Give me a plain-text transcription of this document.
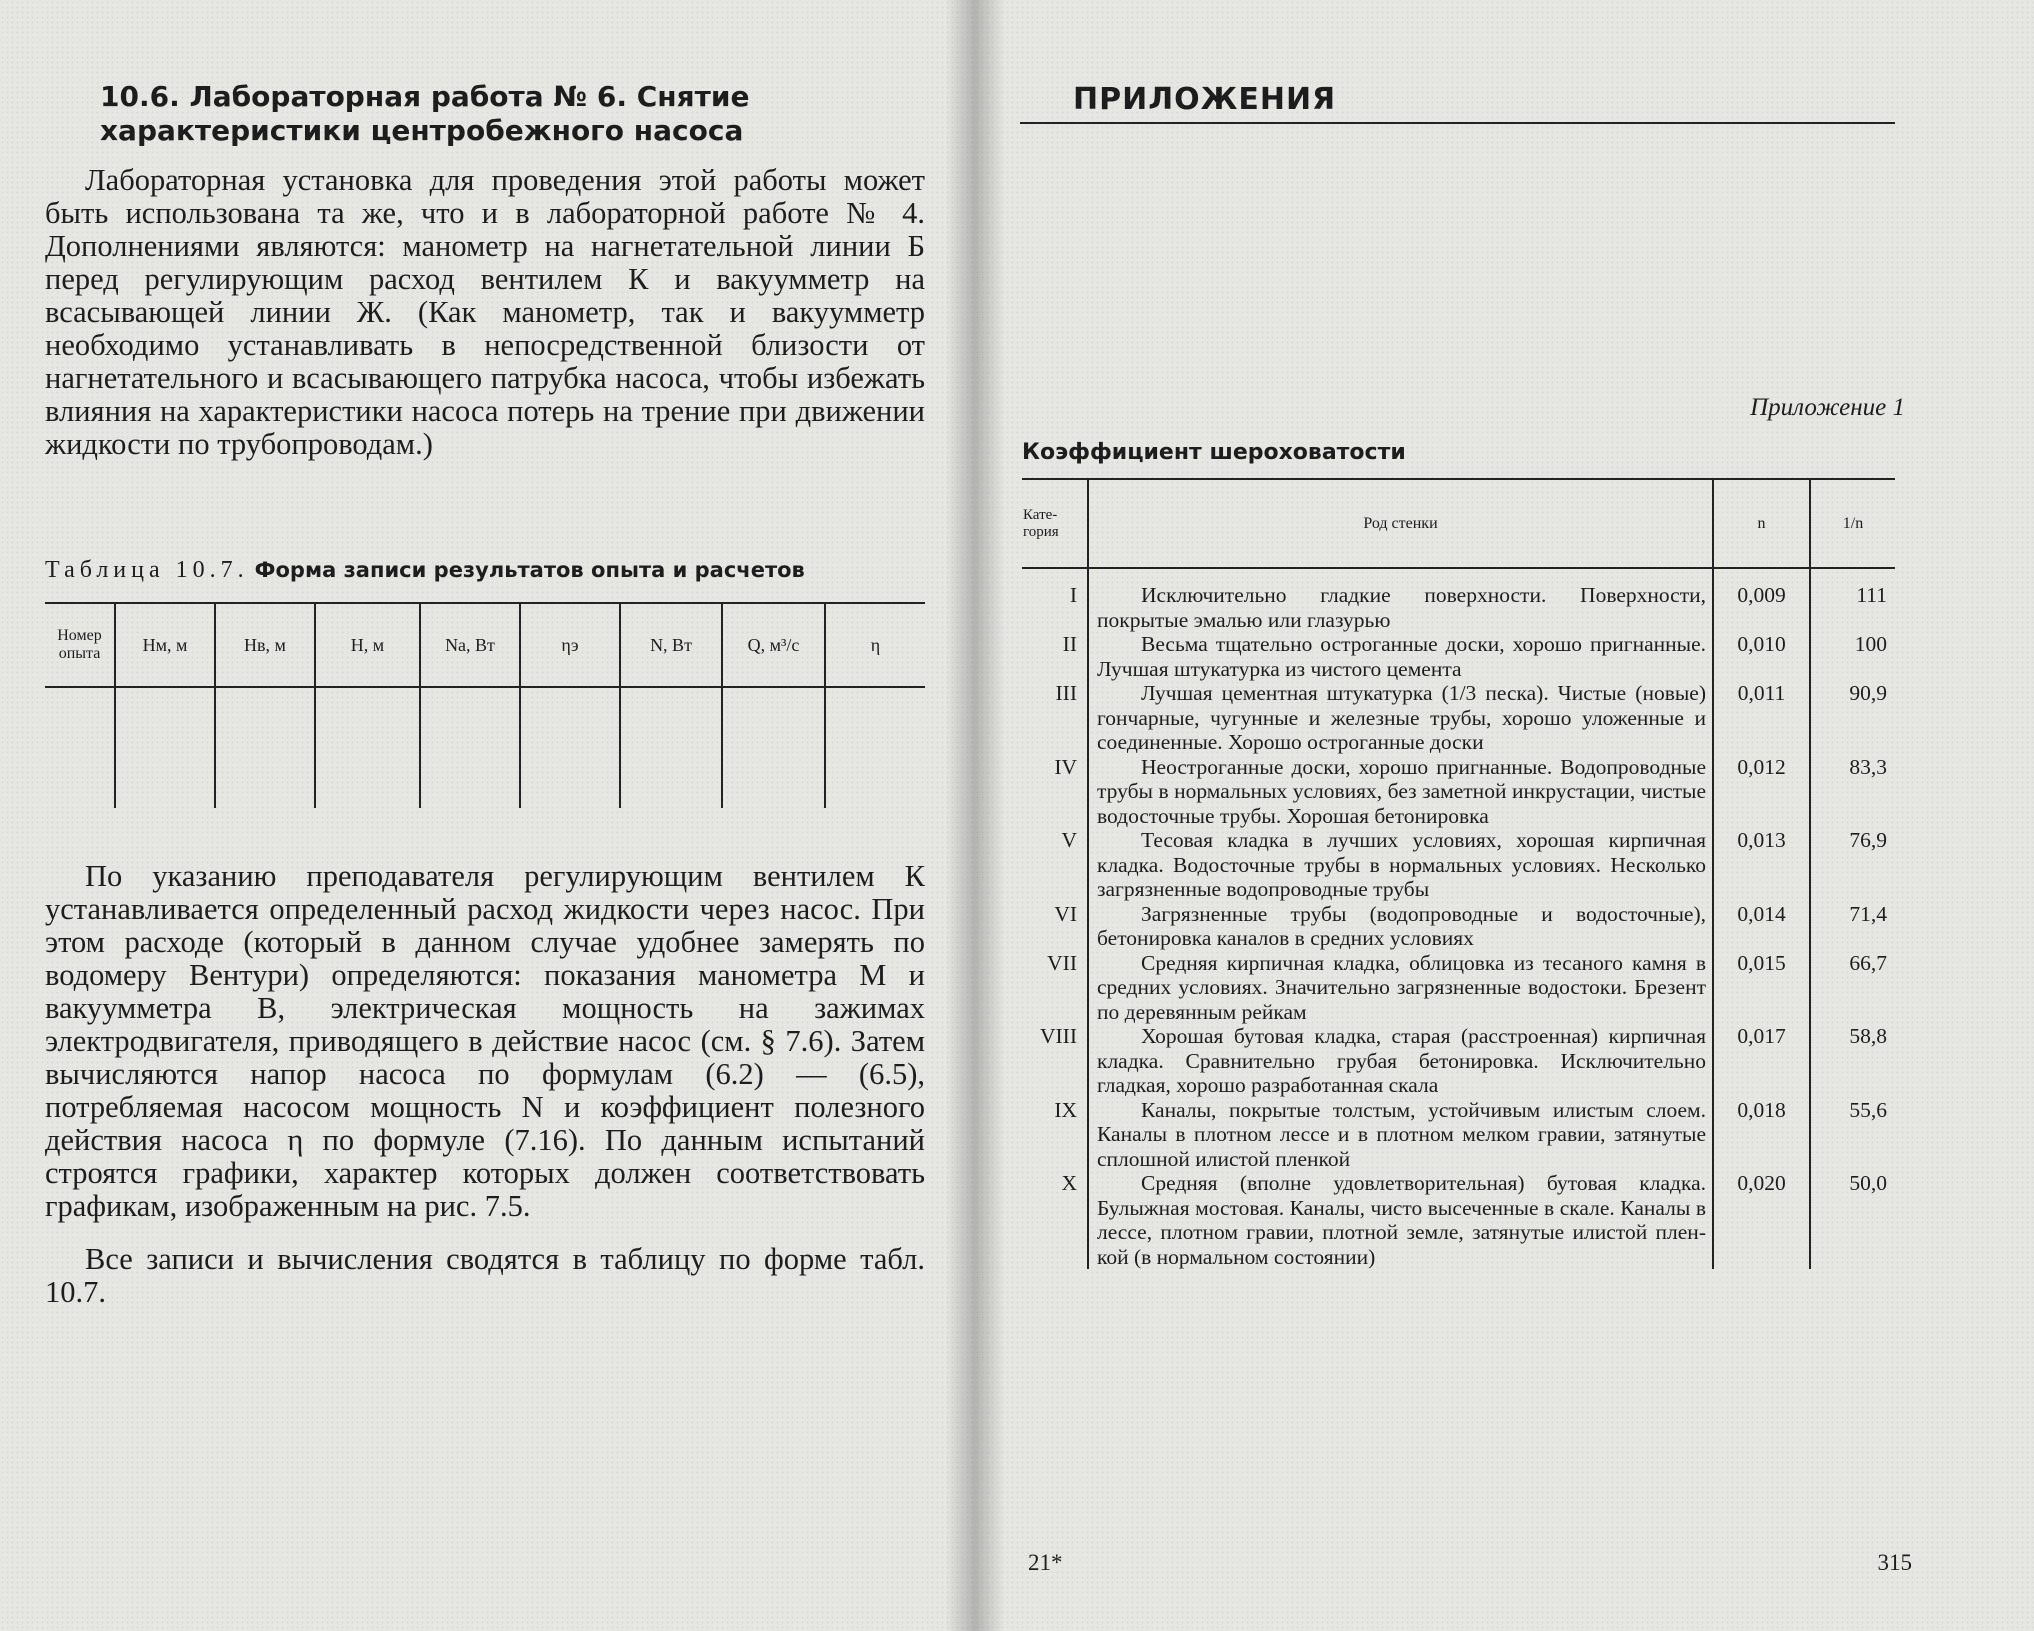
10.6. Лабораторная работа № 6. Снятие характеристики центробежного насоса

Лабораторная установка для проведения этой работы может быть использована та же, что и в лабораторной работе № 4. Дополнениями являются: манометр на нагнетательной линии Б перед регулирующим расход вентилем К и вакуумметр на всасывающей линии Ж. (Как манометр, так и вакуумметр необходимо устанавливать в непосредственной близости от нагнетательного и всасывающего патрубка насоса, чтобы избежать влияния на характеристики насоса потерь на трение при движении жидкости по трубопроводам.)

Таблица 10.7. Форма записи результатов опыта и расчетов
Номер опыта	Hм, м	Hв, м	H, м	Nа, Вт	ηэ	N, Вт	Q, м³/с	η

По указанию преподавателя регулирующим вентилем К устанавливается определенный расход жидкости через насос. При этом расходе (который в данном случае удобнее замерять по водомеру Вентури) определяются: показания манометра М и вакуумметра В, электрическая мощность на зажимах электродвигателя, приводящего в действие насос (см. § 7.6). Затем вычисляются напор насоса по формулам (6.2) — (6.5), потребляемая насосом мощность N и коэффициент полезного действия насоса η по формуле (7.16). По данным испытаний строятся графики, характер которых должен соответствовать графикам, изображенным на рис. 7.5.

Все записи и вычисления сводятся в таблицу по форме табл. 10.7.

ПРИЛОЖЕНИЯ
Приложение 1
Коэффициент шероховатости
Кате-гория	Род стенки	n	1/n
I	Исключительно гладкие поверхности. Поверхности, покрытые эмалью или глазурью	0,009	111
II	Весьма тщательно остроганные доски, хорошо пригнанные. Лучшая штукатурка из чистого цемента	0,010	100
III	Лучшая цементная штукатурка (1/3 песка). Чистые (новые) гончарные, чугунные и железные трубы, хорошо уложенные и соединенные. Хорошо остроганные доски	0,011	90,9
IV	Неостроганные доски, хорошо пригнанные. Водопроводные трубы в нормальных условиях, без заметной инкрустации, чистые водосточные трубы. Хорошая бетонировка	0,012	83,3
V	Тесовая кладка в лучших условиях, хорошая кирпичная кладка. Водосточные трубы в нормальных условиях. Несколько загрязненные водопроводные трубы	0,013	76,9
VI	Загрязненные трубы (водопроводные и водосточные), бетонировка каналов в средних условиях	0,014	71,4
VII	Средняя кирпичная кладка, облицовка из тесаного камня в средних условиях. Значительно загрязненные водостоки. Брезент по деревянным рейкам	0,015	66,7
VIII	Хорошая бутовая кладка, старая (расстроенная) кирпичная кладка. Сравнительно грубая бетонировка. Исключительно гладкая, хорошо разработанная скала	0,017	58,8
IX	Каналы, покрытые толстым, устойчивым илистым слоем. Каналы в плотном лессе и в плотном мелком гравии, затянутые сплошной илистой пленкой	0,018	55,6
X	Средняя (вполне удовлетворительная) бутовая кладка. Булыжная мостовая. Каналы, чисто высеченные в скале. Каналы в лессе, плотном гравии, плотной земле, затянутые илистой пленкой (в нормальном состоянии)	0,020	50,0
21*	315
